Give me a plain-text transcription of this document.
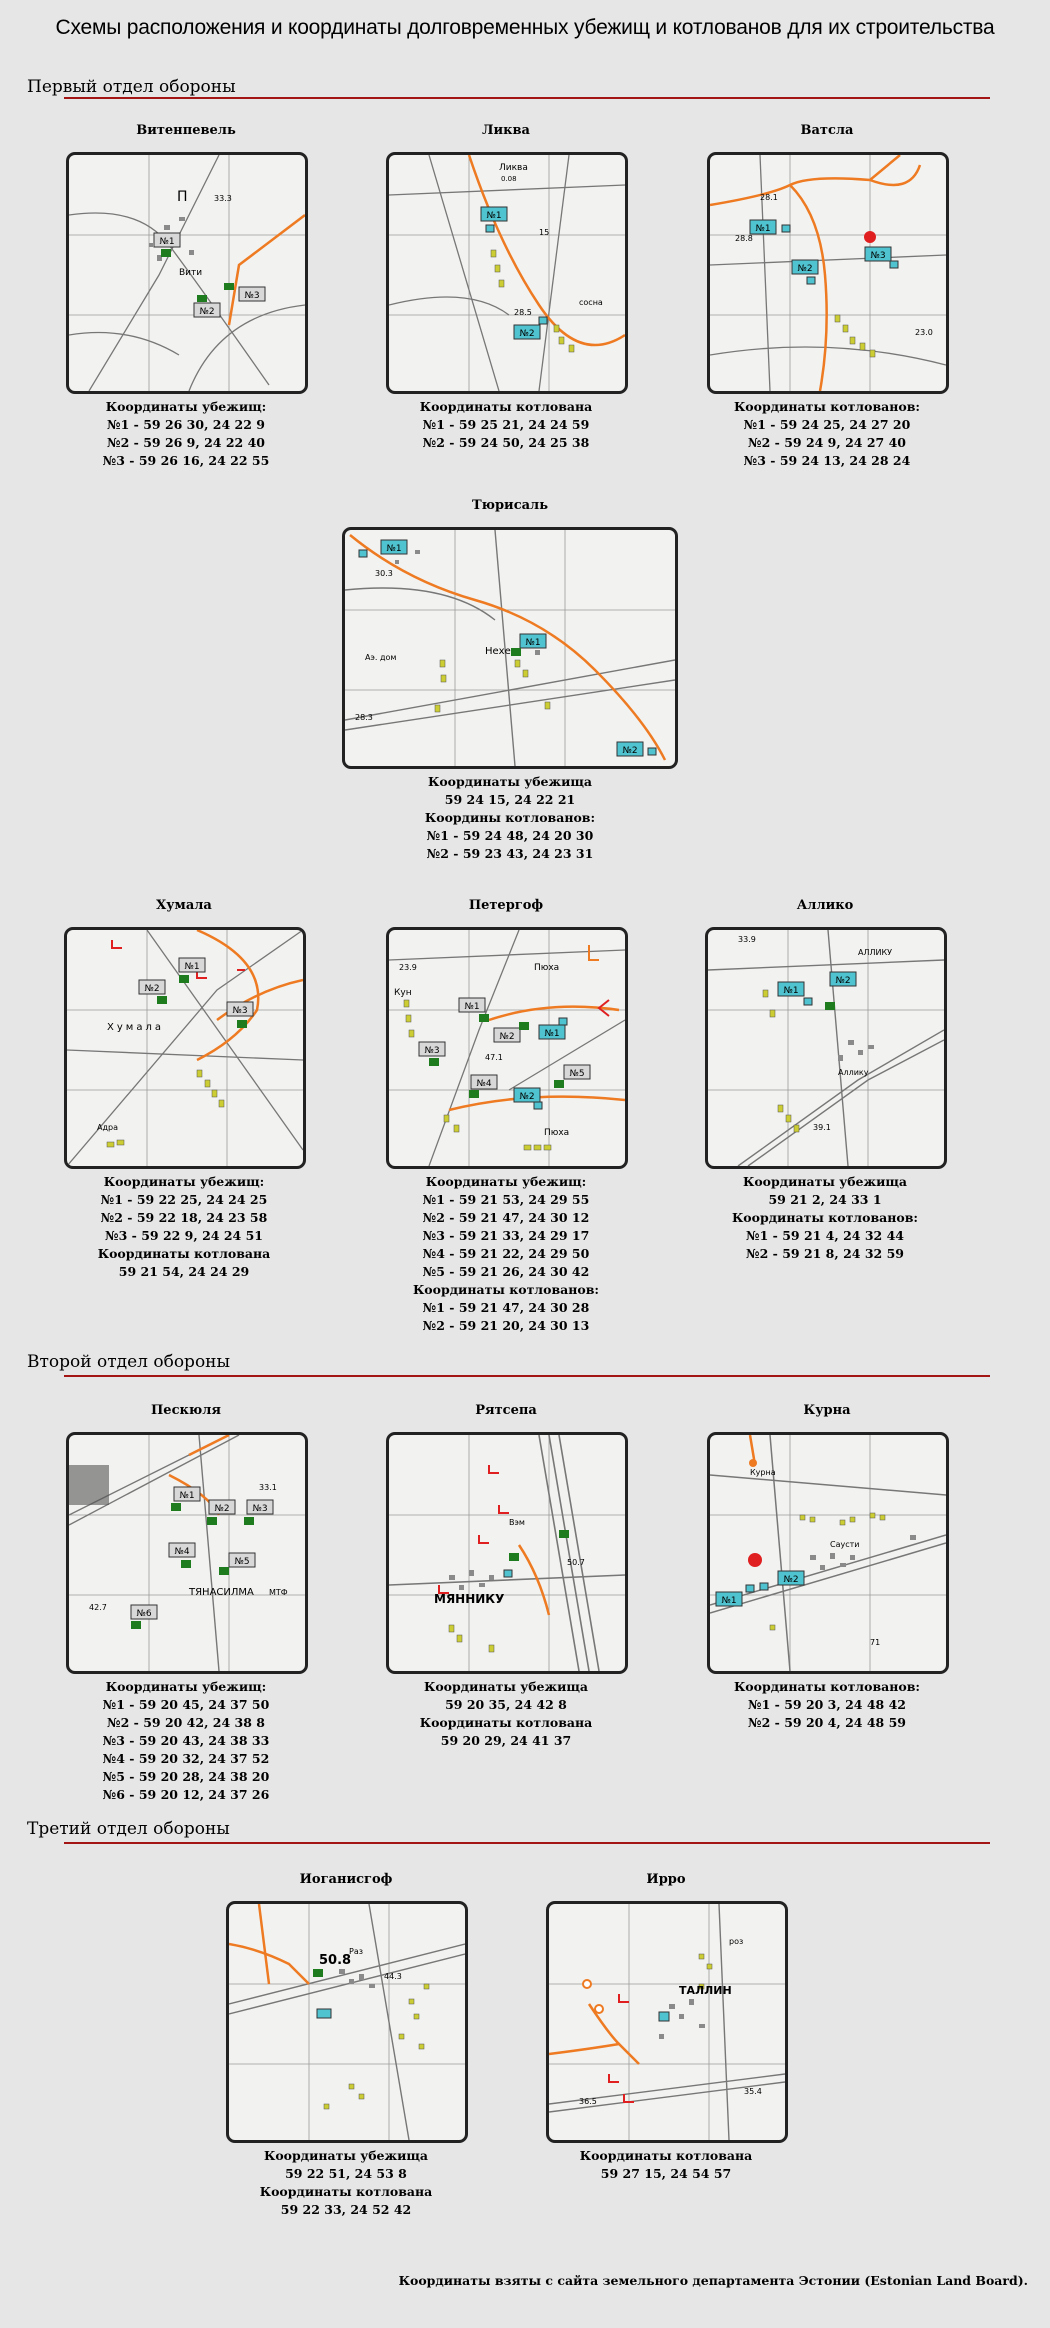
Схемы расположения и координаты долговременных убежищ и котлованов для их строительства
Первый отдел обороны
Витенпевель
№1
№2
№3
Вити
33.3
П
Координаты убежищ:
№1 - 59 26 30, 24 22 9
№2 - 59 26 9, 24 22 40
№3 - 59 26 16, 24 22 55
Ликва
№1
№2
Ликва
0.08
28.5
15
сосна
Координаты котлована
№1 - 59 25 21, 24 24 59
№2 - 59 24 50, 24 25 38
Ватсла
№1
№2
№3
28.1
28.8
23.0
Координаты котлованов:
№1 - 59 24 25, 24 27 20
№2 - 59 24 9, 24 27 40
№3 - 59 24 13, 24 28 24
Тюрисаль
№1
№2
№1
Нехе
30.3
28.3
Аэ. дом
Координаты убежища
59 24 15, 24 22 21
Координы котлованов:
№1 - 59 24 48, 24 20 30
№2 - 59 23 43, 24 23 31
Хумала
№1
№2
№3
Хумала
Адра
Координаты убежищ:
№1 - 59 22 25, 24 24 25
№2 - 59 22 18, 24 23 58
№3 - 59 22 9, 24 24 51
Координаты котлована
59 21 54, 24 24 29
Петергоф
№1
№2
№3
№4
№5
№1
№2
Пюха
Пюха
23.9
47.1
Кун
Координаты убежищ:
№1 - 59 21 53, 24 29 55
№2 - 59 21 47, 24 30 12
№3 - 59 21 33, 24 29 17
№4 - 59 21 22, 24 29 50
№5 - 59 21 26, 24 30 42
Координаты котлованов:
№1 - 59 21 47, 24 30 28
№2 - 59 21 20, 24 30 13
Аллико
№1
№2
АЛЛИКУ
Аллику
39.1
33.9
Координаты убежища
59 21 2, 24 33 1
Координаты котлованов:
№1 - 59 21 4, 24 32 44
№2 - 59 21 8, 24 32 59
Второй отдел обороны
Пескюля
№1
№2	№3
№4
№5
№6
ТЯНАСИЛМА
42.7
33.1
МТФ
Координаты убежищ:
№1 - 59 20 45, 24 37 50
№2 - 59 20 42, 24 38 8
№3 - 59 20 43, 24 38 33
№4 - 59 20 32, 24 37 52
№5 - 59 20 28, 24 38 20
№6 - 59 20 12, 24 37 26
Рятсепа
МЯННИКУ
50.7
Вэм
Координаты убежища
59 20 35, 24 42 8
Координаты котлована
59 20 29, 24 41 37
Курна
№1
№2
Курна
Саусти
71
Координаты котлованов:
№1 - 59 20 3, 24 48 42
№2 - 59 20 4, 24 48 59
Третий отдел обороны
Иоганисгоф
50.8
Раз
44.3
Координаты убежища
59 22 51, 24 53 8
Координаты котлована
59 22 33, 24 52 42
Ирро
ТАЛЛИН
35.4
36.5
роз
Координаты котлована
59 27 15, 24 54 57
Координаты взяты с сайта земельного департамента Эстонии (Estonian Land Board).
